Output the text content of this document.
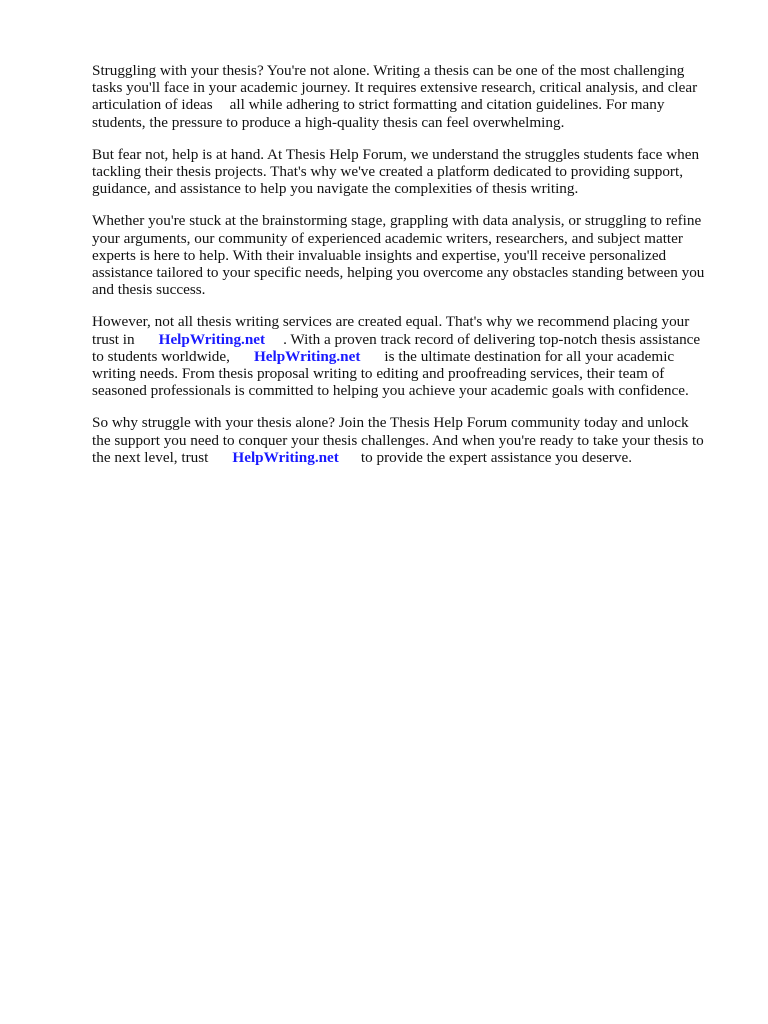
Struggling with your thesis? You're not alone. Writing a thesis can be one of the most challenging
tasks you'll face in your academic journey. It requires extensive research, critical analysis, and clear
articulation of ideas all while adhering to strict formatting and citation guidelines. For many
students, the pressure to produce a high-quality thesis can feel overwhelming.

But fear not, help is at hand. At Thesis Help Forum, we understand the struggles students face when
tackling their thesis projects. That's why we've created a platform dedicated to providing support,
guidance, and assistance to help you navigate the complexities of thesis writing.

Whether you're stuck at the brainstorming stage, grappling with data analysis, or struggling to refine
your arguments, our community of experienced academic writers, researchers, and subject matter
experts is here to help. With their invaluable insights and expertise, you'll receive personalized
assistance tailored to your specific needs, helping you overcome any obstacles standing between you
and thesis success.

However, not all thesis writing services are created equal. That's why we recommend placing your
trust in HelpWriting.net . With a proven track record of delivering top-notch thesis assistance
to students worldwide, HelpWriting.net is the ultimate destination for all your academic
writing needs. From thesis proposal writing to editing and proofreading services, their team of
seasoned professionals is committed to helping you achieve your academic goals with confidence.

So why struggle with your thesis alone? Join the Thesis Help Forum community today and unlock
the support you need to conquer your thesis challenges. And when you're ready to take your thesis to
the next level, trust HelpWriting.net to provide the expert assistance you deserve.
